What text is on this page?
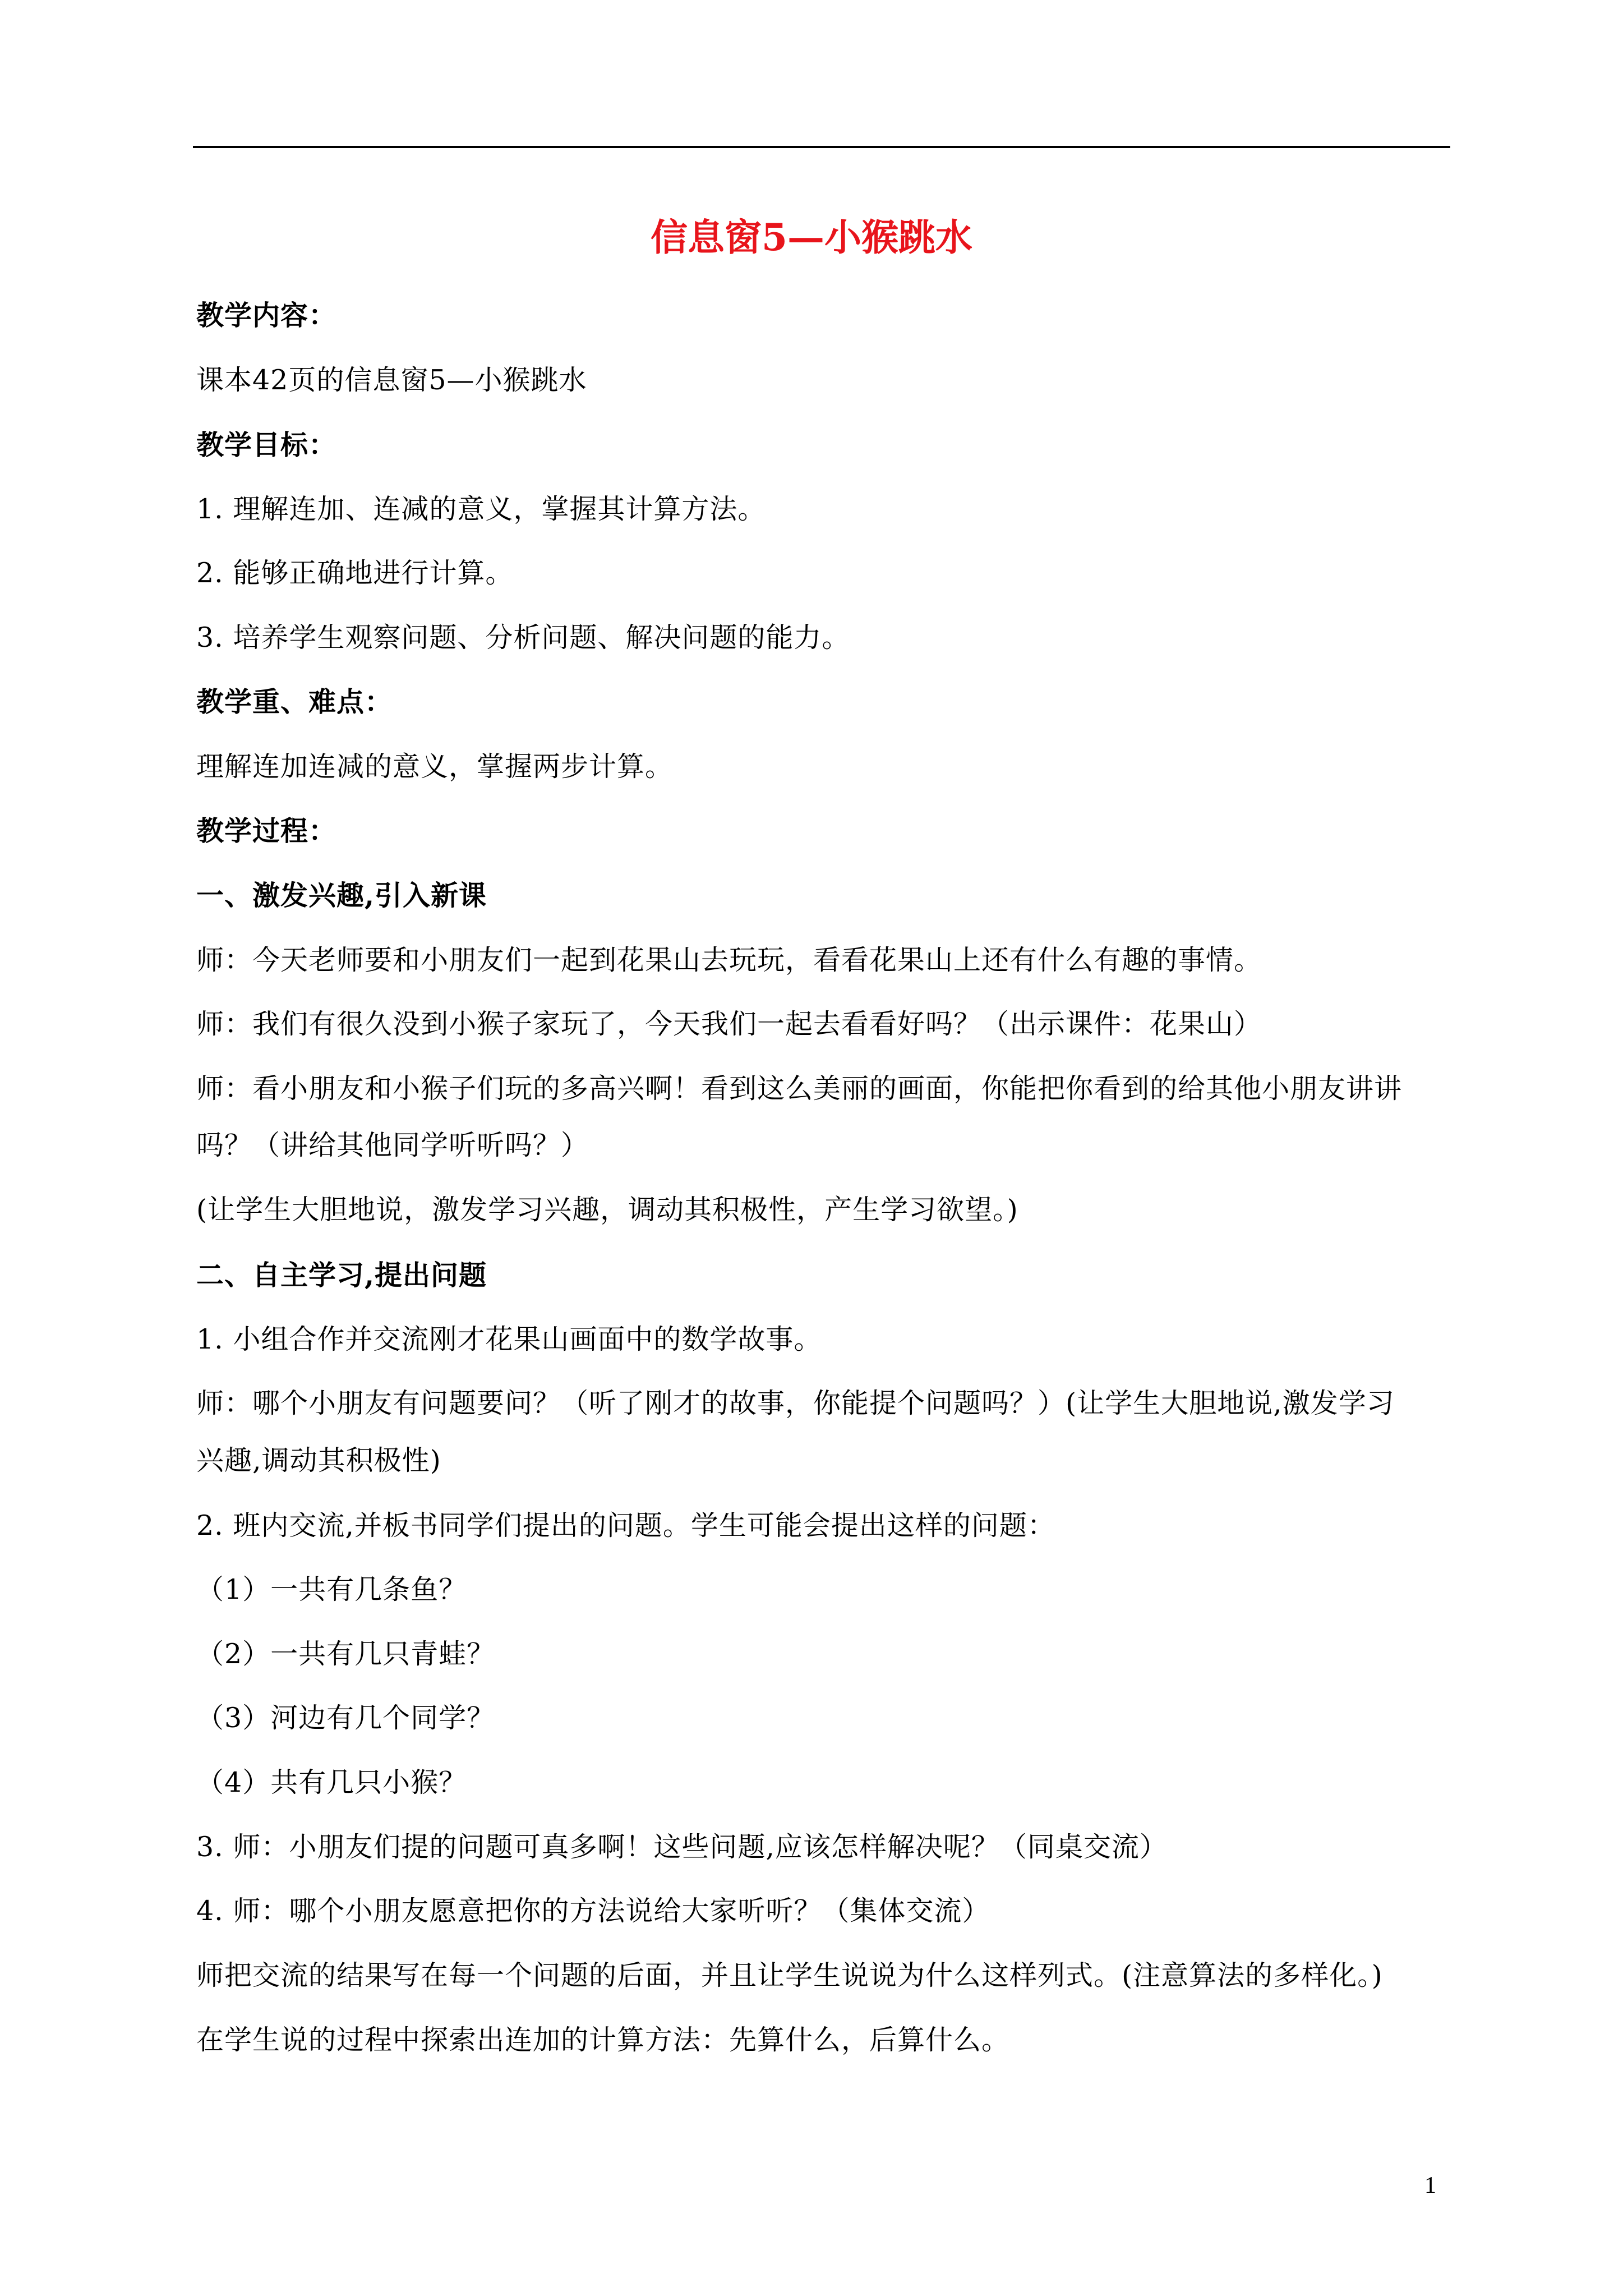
信息窗5—小猴跳水
教学内容：
课本42页的信息窗5—小猴跳水
教学目标：
1. 理解连加、连减的意义，掌握其计算方法。
2. 能够正确地进行计算。
3. 培养学生观察问题、分析问题、解决问题的能力。
教学重、难点：
理解连加连减的意义，掌握两步计算。
教学过程：
一、激发兴趣,引入新课
师：今天老师要和小朋友们一起到花果山去玩玩，看看花果山上还有什么有趣的事情。
师：我们有很久没到小猴子家玩了，今天我们一起去看看好吗？（出示课件：花果山）
师：看小朋友和小猴子们玩的多高兴啊！看到这么美丽的画面，你能把你看到的给其他小朋友讲讲
吗？（讲给其他同学听听吗？）
(让学生大胆地说，激发学习兴趣，调动其积极性，产生学习欲望。)
二、自主学习,提出问题
1. 小组合作并交流刚才花果山画面中的数学故事。
师：哪个小朋友有问题要问？（听了刚才的故事，你能提个问题吗？）(让学生大胆地说,激发学习
兴趣,调动其积极性)
2. 班内交流,并板书同学们提出的问题。学生可能会提出这样的问题：
（1）一共有几条鱼？
（2）一共有几只青蛙？
（3）河边有几个同学？
（4）共有几只小猴？
3. 师：小朋友们提的问题可真多啊！这些问题,应该怎样解决呢？（同桌交流）
4. 师：哪个小朋友愿意把你的方法说给大家听听？（集体交流）
师把交流的结果写在每一个问题的后面，并且让学生说说为什么这样列式。(注意算法的多样化。)
在学生说的过程中探索出连加的计算方法：先算什么，后算什么。
1
